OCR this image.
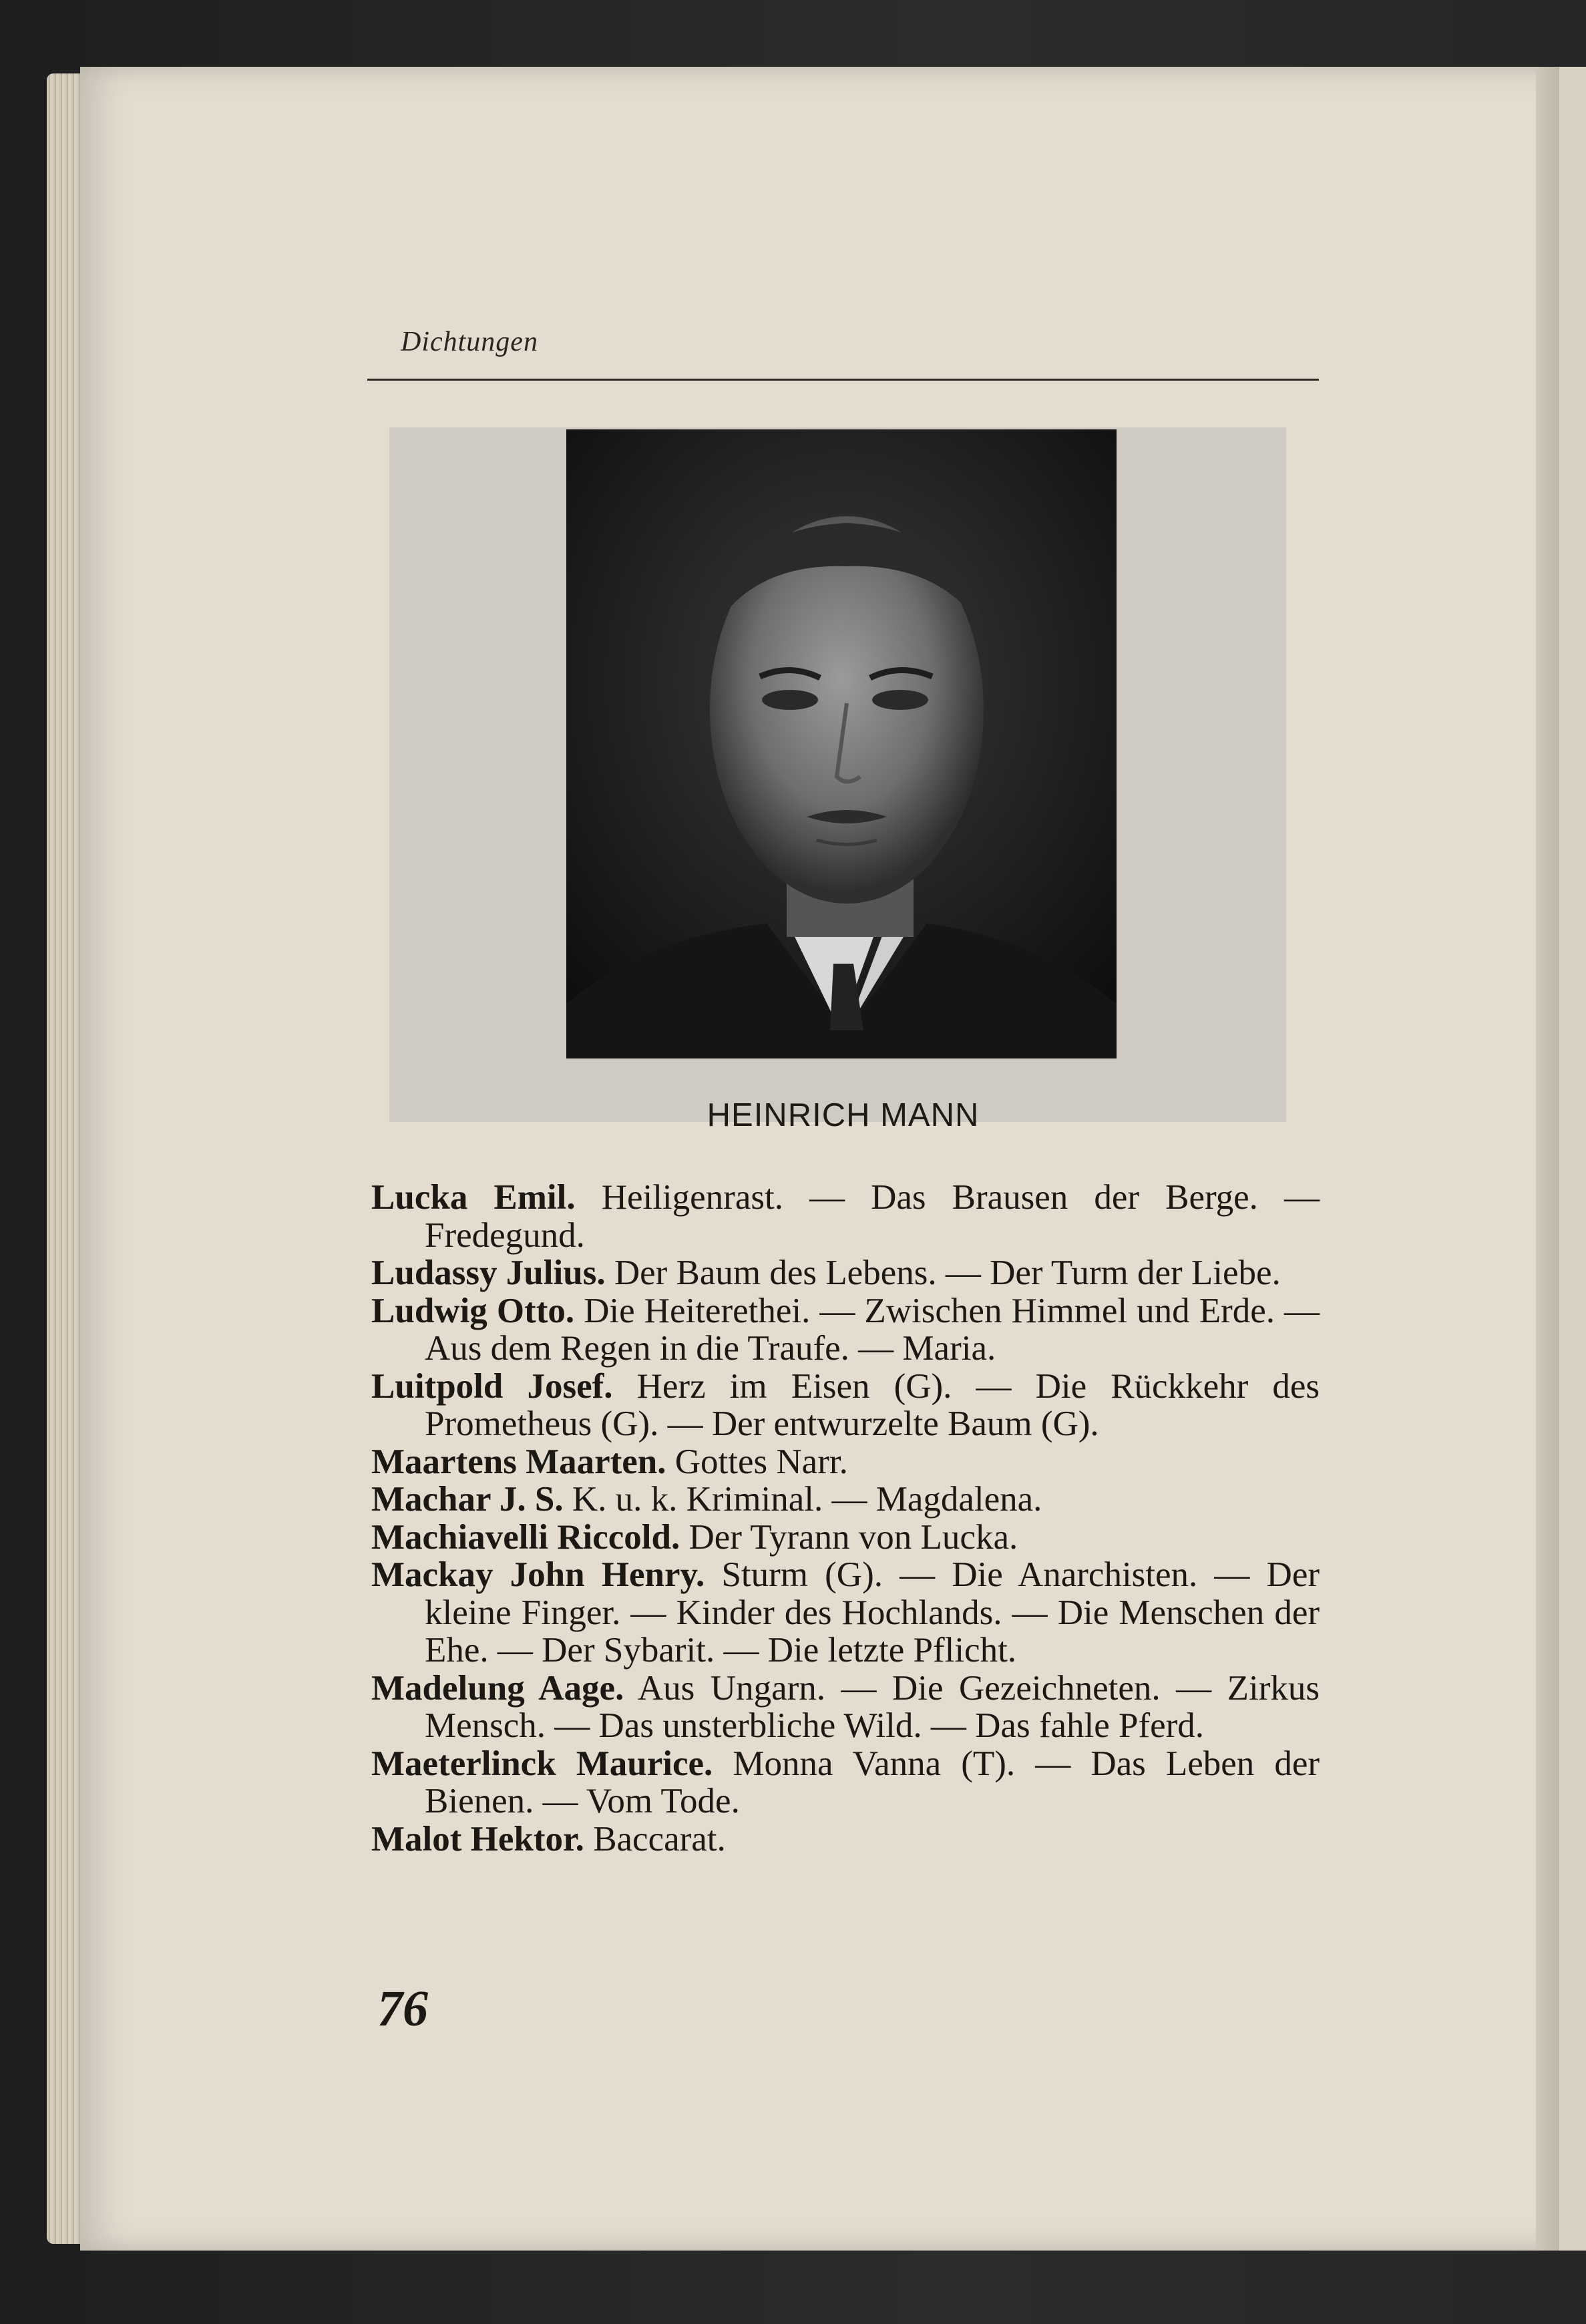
Dichtungen
HEINRICH MANN
Lucka Emil. Heiligenrast. — Das Brausen der Berge. — Fredegund.
Ludassy Julius. Der Baum des Lebens. — Der Turm der Liebe.
Ludwig Otto. Die Heiterethei. — Zwischen Himmel und Erde. — Aus dem Regen in die Traufe. — Maria.
Luitpold Josef. Herz im Eisen (G). — Die Rückkehr des Prometheus (G). — Der entwurzelte Baum (G).
Maartens Maarten. Gottes Narr.
Machar J. S. K. u. k. Kriminal. — Magdalena.
Machiavelli Riccold. Der Tyrann von Lucka.
Mackay John Henry. Sturm (G). — Die Anarchisten. — Der kleine Finger. — Kinder des Hochlands. — Die Menschen der Ehe. — Der Sybarit. — Die letzte Pflicht.
Madelung Aage. Aus Ungarn. — Die Gezeichneten. — Zirkus Mensch. — Das unsterbliche Wild. — Das fahle Pferd.
Maeterlinck Maurice. Monna Vanna (T). — Das Leben der Bienen. — Vom Tode.
Malot Hektor. Baccarat.
76
